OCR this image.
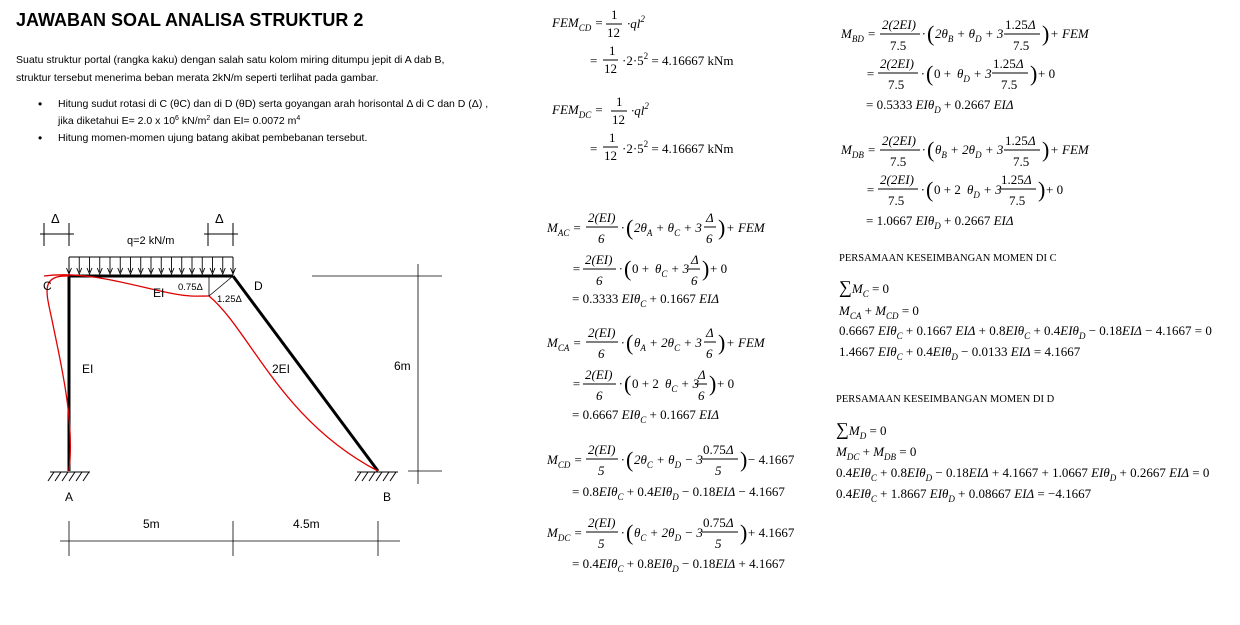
JAWABAN SOAL ANALISA STRUKTUR 2

Suatu struktur portal (rangka kaku) dengan salah satu kolom miring ditumpu jepit di A dab B,

struktur tersebut menerima beban merata 2kN/m seperti terlihat pada gambar.

• Hitung sudut rotasi di C (θC) dan di D (θD) serta goyangan arah horisontal Δ di C dan D (Δ) ,
jika diketahui E= 2.0 x $10^6$ $kN/m^2$ dan EI= 0.0072 $m^4$
• Hitung momen-momen ujung batang akibat pembebanan tersebut.
Δ	Δ
q=2 kN/m
C	D
A	B
EI
EI	2EI
0.75Δ
1.25Δ
6m
5m	4.5m
$FEM_{CD}$ =
1
12
$\cdot ql^2$
=
1
12
$\cdot 2\cdot 5^2 = 4.16667$ kNm
$FEM_{DC}$ =
1
12
$\cdot ql^2$
=
1
$12 \cdot 2\cdot 5^2 = 4.16667$ kNm
$M_{AC}$ =
2(EI)
6
· ( $2\theta_A + \theta_C + 3$
Δ
6 ) + FEM
=
2(EI)
6
· ( $0 + \theta_C + 3$
Δ
6 ) + 0
= 0.3333 EIθ$_C$ + 0.1667 EIΔ
$M_{CA}$ =
2(EI)
6
· ( $\theta_A + 2\theta_C + 3$
Δ
6 ) + FEM
=
2(EI)
6
· ( 0 + 2 $\theta_C + 3$
Δ
6 ) + 0
= 0.6667 EIθ$_C$ + 0.1667 EIΔ
$M_{CD}$ =
2(EI)
5
· ( $2\theta_C + \theta_D - 3$
0.75 Δ
5 ) − 4.1667
= 0.8EIθ$_C$ + 0.4EIθ$_D$ − 0.18EIΔ − 4.1667
$M_{DC}$ =
2(EI)
5
· ( $\theta_C + 2\theta_D - 3$
0.75 Δ
5 ) + 4.1667
= 0.4EIθ$_C$ + 0.8EIθ$_D$ − 0.18EIΔ + 4.1667
$M_{BD}$ =
2(2EI)
7.5
· ( $2\theta_B + \theta_D + 3$
1.25 Δ
7.5 ) + FEM
=
2(2EI)
7.5
· ( $0 + \theta_D + 3$
1.25 Δ
7.5 ) + 0
= 0.5333 EIθ$_D$ + 0.2667 EIΔ
$M_{DB}$ =
2(2EI)
7.5
· ( $\theta_B + 2\theta_D + 3$
1.25 Δ
7.5 ) + FEM
=
2(2EI)
7.5
· ( 0 + 2 $\theta_D + 3$
1.25 Δ
7.5 ) + 0
= 1.0667 EIθ$_D$ + 0.2667 EIΔ
PERSAMAAN KESEIMBANGAN MOMEN DI C
$\sum M_C = 0$
$M_{CA} + M_{CD} = 0$
0.6667 EIθ$_C$ + 0.1667 EIΔ + 0.8EIθ$_C$ + 0.4EIθ$_D$ − 0.18EIΔ − 4.1667 = 0
1.4667 EIθ$_C$ + 0.4EIθ$_D$ − 0.0133 EIΔ = 4.1667
PERSAMAAN KESEIMBANGAN MOMEN DI D
$\sum M_D = 0$
$M_{DC} + M_{DB} = 0$
0.4EIθ$_C$ + 0.8EIθ$_D$ − 0.18EIΔ + 4.1667 + 1.0667 EIθ$_D$ + 0.2667 EIΔ = 0
0.4EIθ$_C$ + 1.8667 EIθ$_D$ + 0.08667 EIΔ = −4.1667
